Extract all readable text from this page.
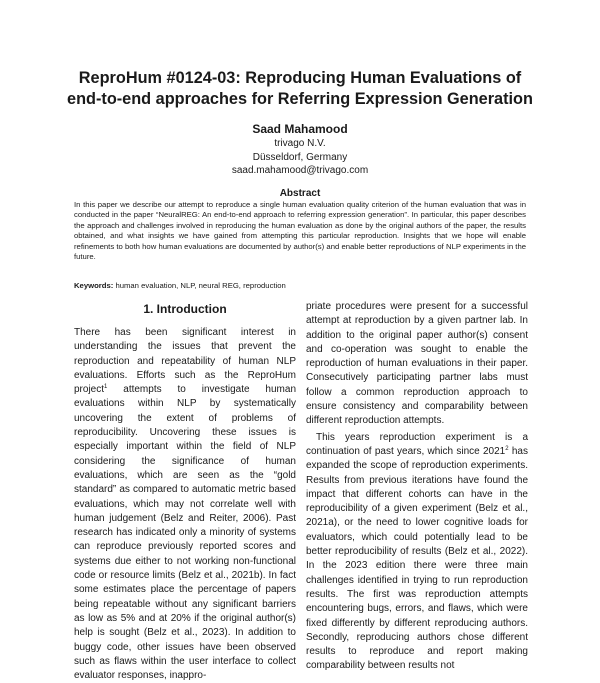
ReproHum #0124-03: Reproducing Human Evaluations of
end-to-end approaches for Referring Expression Generation
Saad Mahamood
trivago N.V.
Düsseldorf, Germany
saad.mahamood@trivago.com
Abstract
In this paper we describe our attempt to reproduce a single human evaluation quality criterion of the human evaluation that was in conducted in the paper “NeuralREG: An end-to-end approach to referring expression generation”. In particular, this paper describes the approach and challenges involved in reproducing the human evaluation as done by the original authors of the paper, the results obtained, and what insights we have gained from attempting this particular reproduction. Insights that we hope will enable refinements to both how human evaluations are documented by author(s) and enable better reproductions of NLP experiments in the future.
Keywords: human evaluation, NLP, neural REG, reproduction
1. Introduction

There has been significant interest in understanding the issues that prevent the reproduction and repeatability of human NLP evaluations. Efforts such as the ReproHum project$^1$ attempts to investigate human evaluations within NLP by systematically uncovering the extent of problems of reproducibility. Uncovering these issues is especially important within the field of NLP considering the significance of human evaluations, which are seen as the “gold standard” as compared to automatic metric based evaluations, which may not correlate well with human judgement (Belz and Reiter, 2006). Past research has indicated only a minority of systems can reproduce previously reported scores and systems due either to not working non-functional code or resource limits (Belz et al., 2021b). In fact some estimates place the percentage of papers being repeatable without any significant barriers as low as 5% and at 20% if the original author(s) help is sought (Belz et al., 2023). In addition to buggy code, other issues have been observed such as flaws within the user interface to collect evaluator responses, inappro-

priate procedures were present for a successful attempt at reproduction by a given partner lab. In addition to the original paper author(s) consent and co-operation was sought to enable the reproduction of human evaluations in their paper. Consecutively participating partner labs must follow a common reproduction approach to ensure consistency and comparability between different reproduction attempts.

This years reproduction experiment is a continuation of past years, which since 2021$^2$ has expanded the scope of reproduction experiments. Results from previous iterations have found the impact that different cohorts can have in the reproducibility of a given experiment (Belz et al., 2021a), or the need to lower cognitive loads for evaluators, which could potentially lead to be better reproducibility of results (Belz et al., 2022). In the 2023 edition there were three main challenges identified in trying to run reproduction results. The first was reproduction attempts encountering bugs, errors, and flaws, which were fixed differently by different reproducing authors. Secondly, reproducing authors chose different results to reproduce and report making comparability between results not
